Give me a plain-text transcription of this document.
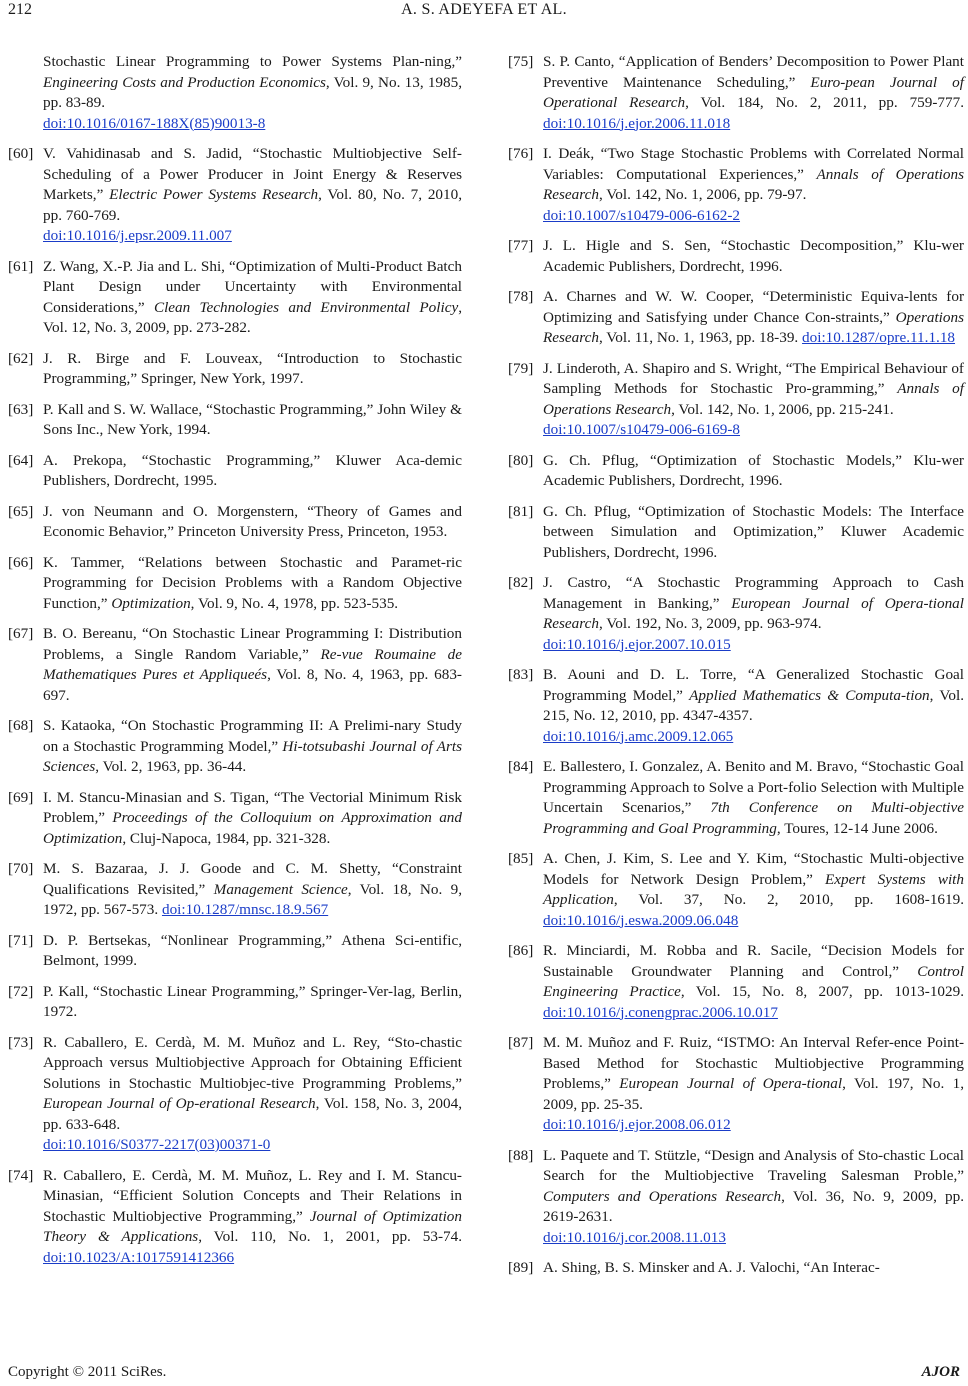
212	A. S. ADEYEFA ET AL.
Stochastic Linear Programming to Power Systems Plan-ning,” Engineering Costs and Production Economics, Vol. 9, No. 13, 1985, pp. 83-89.
doi:10.1016/0167-188X(85)90013-8
[60] V. Vahidinasab and S. Jadid, “Stochastic Multiobjective Self-Scheduling of a Power Producer in Joint Energy & Reserves Markets,” Electric Power Systems Research, Vol. 80, No. 7, 2010, pp. 760-769.
doi:10.1016/j.epsr.2009.11.007
[61] Z. Wang, X.-P. Jia and L. Shi, “Optimization of Multi-Product Batch Plant Design under Uncertainty with Environmental Considerations,” Clean Technologies and Environmental Policy, Vol. 12, No. 3, 2009, pp. 273-282.
[62] J. R. Birge and F. Louveax, “Introduction to Stochastic Programming,” Springer, New York, 1997.
[63] P. Kall and S. W. Wallace, “Stochastic Programming,” John Wiley & Sons Inc., New York, 1994.
[64] A. Prekopa, “Stochastic Programming,” Kluwer Aca-demic Publishers, Dordrecht, 1995.
[65] J. von Neumann and O. Morgenstern, “Theory of Games and Economic Behavior,” Princeton University Press, Princeton, 1953.
[66] K. Tammer, “Relations between Stochastic and Paramet-ric Programming for Decision Problems with a Random Objective Function,” Optimization, Vol. 9, No. 4, 1978, pp. 523-535.
[67] B. O. Bereanu, “On Stochastic Linear Programming I: Distribution Problems, a Single Random Variable,” Re-vue Roumaine de Mathematiques Pures et Appliqueés, Vol. 8, No. 4, 1963, pp. 683-697.
[68] S. Kataoka, “On Stochastic Programming II: A Prelimi-nary Study on a Stochastic Programming Model,” Hi-totsubashi Journal of Arts Sciences, Vol. 2, 1963, pp. 36-44.
[69] I. M. Stancu-Minasian and S. Tigan, “The Vectorial Minimum Risk Problem,” Proceedings of the Colloquium on Approximation and Optimization, Cluj-Napoca, 1984, pp. 321-328.
[70] M. S. Bazaraa, J. J. Goode and C. M. Shetty, “Constraint Qualifications Revisited,” Management Science, Vol. 18, No. 9, 1972, pp. 567-573. doi:10.1287/mnsc.18.9.567
[71] D. P. Bertsekas, “Nonlinear Programming,” Athena Sci-entific, Belmont, 1999.
[72] P. Kall, “Stochastic Linear Programming,” Springer-Ver-lag, Berlin, 1972.
[73] R. Caballero, E. Cerdà, M. M. Muñoz and L. Rey, “Sto-chastic Approach versus Multiobjective Approach for Obtaining Efficient Solutions in Stochastic Multiobjec-tive Programming Problems,” European Journal of Op-erational Research, Vol. 158, No. 3, 2004, pp. 633-648.
doi:10.1016/S0377-2217(03)00371-0
[74] R. Caballero, E. Cerdà, M. M. Muñoz, L. Rey and I. M. Stancu-Minasian, “Efficient Solution Concepts and Their Relations in Stochastic Multiobjective Programming,” Journal of Optimization Theory & Applications, Vol. 110, No. 1, 2001, pp. 53-74. doi:10.1023/A:1017591412366
[75] S. P. Canto, “Application of Benders’ Decomposition to Power Plant Preventive Maintenance Scheduling,” Euro-pean Journal of Operational Research, Vol. 184, No. 2, 2011, pp. 759-777. doi:10.1016/j.ejor.2006.11.018
[76] I. Deák, “Two Stage Stochastic Problems with Correlated Normal Variables: Computational Experiences,” Annals of Operations Research, Vol. 142, No. 1, 2006, pp. 79-97.
doi:10.1007/s10479-006-6162-2
[77] J. L. Higle and S. Sen, “Stochastic Decomposition,” Klu-wer Academic Publishers, Dordrecht, 1996.
[78] A. Charnes and W. W. Cooper, “Deterministic Equiva-lents for Optimizing and Satisfying under Chance Con-straints,” Operations Research, Vol. 11, No. 1, 1963, pp. 18-39. doi:10.1287/opre.11.1.18
[79] J. Linderoth, A. Shapiro and S. Wright, “The Empirical Behaviour of Sampling Methods for Stochastic Pro-gramming,” Annals of Operations Research, Vol. 142, No. 1, 2006, pp. 215-241.
doi:10.1007/s10479-006-6169-8
[80] G. Ch. Pflug, “Optimization of Stochastic Models,” Klu-wer Academic Publishers, Dordrecht, 1996.
[81] G. Ch. Pflug, “Optimization of Stochastic Models: The Interface between Simulation and Optimization,” Kluwer Academic Publishers, Dordrecht, 1996.
[82] J. Castro, “A Stochastic Programming Approach to Cash Management in Banking,” European Journal of Opera-tional Research, Vol. 192, No. 3, 2009, pp. 963-974.
doi:10.1016/j.ejor.2007.10.015
[83] B. Aouni and D. L. Torre, “A Generalized Stochastic Goal Programming Model,” Applied Mathematics & Computa-tion, Vol. 215, No. 12, 2010, pp. 4347-4357.
doi:10.1016/j.amc.2009.12.065
[84] E. Ballestero, I. Gonzalez, A. Benito and M. Bravo, “Stochastic Goal Programming Approach to Solve a Port-folio Selection with Multiple Uncertain Scenarios,” 7th Conference on Multi-objective Programming and Goal Programming, Toures, 12-14 June 2006.
[85] A. Chen, J. Kim, S. Lee and Y. Kim, “Stochastic Multi-objective Models for Network Design Problem,” Expert Systems with Application, Vol. 37, No. 2, 2010, pp. 1608-1619. doi:10.1016/j.eswa.2009.06.048
[86] R. Minciardi, M. Robba and R. Sacile, “Decision Models for Sustainable Groundwater Planning and Control,” Control Engineering Practice, Vol. 15, No. 8, 2007, pp. 1013-1029. doi:10.1016/j.conengprac.2006.10.017
[87] M. M. Muñoz and F. Ruiz, “ISTMO: An Interval Refer-ence Point-Based Method for Stochastic Multiobjective Programming Problems,” European Journal of Opera-tional, Vol. 197, No. 1, 2009, pp. 25-35.
doi:10.1016/j.ejor.2008.06.012
[88] L. Paquete and T. Stützle, “Design and Analysis of Sto-chastic Local Search for the Multiobjective Traveling Salesman Proble,” Computers and Operations Research, Vol. 36, No. 9, 2009, pp. 2619-2631.
doi:10.1016/j.cor.2008.11.013
[89] A. Shing, B. S. Minsker and A. J. Valochi, “An Interac-
Copyright © 2011 SciRes.	AJOR
